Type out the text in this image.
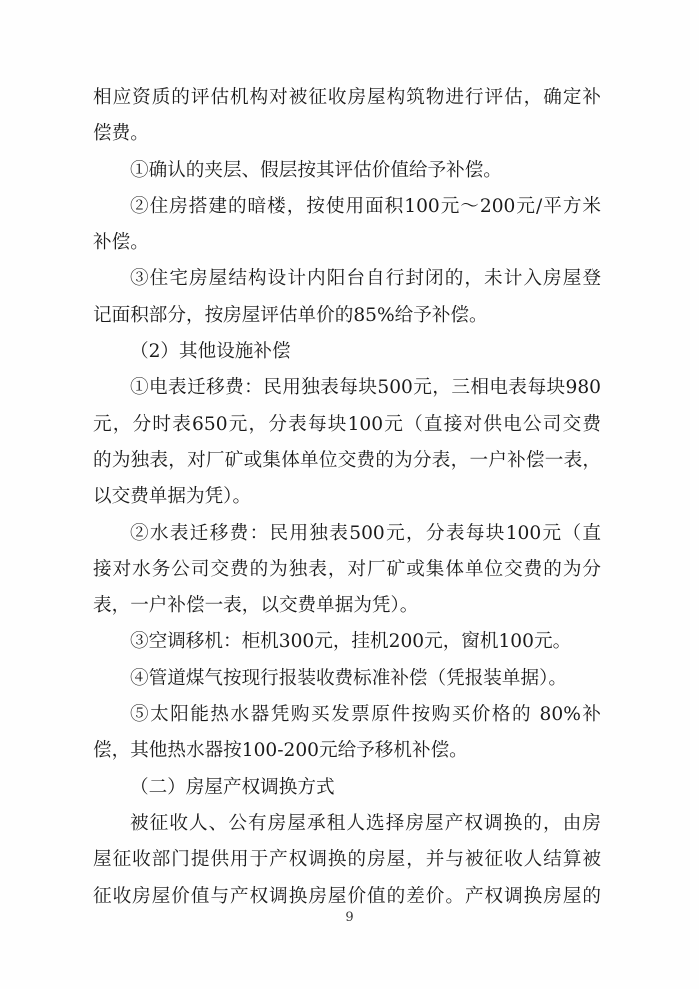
相应资质的评估机构对被征收房屋构筑物进行评估，确定补
偿费。
①确认的夹层、假层按其评估价值给予补偿。
②住房搭建的暗楼，按使用面积100元～200元/平方米
补偿。
③住宅房屋结构设计内阳台自行封闭的，未计入房屋登
记面积部分，按房屋评估单价的85%给予补偿。
（2）其他设施补偿
①电表迁移费：民用独表每块500元，三相电表每块980
元，分时表650元，分表每块100元（直接对供电公司交费
的为独表，对厂矿或集体单位交费的为分表，一户补偿一表，
以交费单据为凭）。
②水表迁移费：民用独表500元，分表每块100元（直
接对水务公司交费的为独表，对厂矿或集体单位交费的为分
表，一户补偿一表，以交费单据为凭）。
③空调移机：柜机300元，挂机200元，窗机100元。
④管道煤气按现行报装收费标准补偿（凭报装单据）。
⑤太阳能热水器凭购买发票原件按购买价格的 80%补
偿，其他热水器按100-200元给予移机补偿。
（二）房屋产权调换方式
被征收人、公有房屋承租人选择房屋产权调换的，由房
屋征收部门提供用于产权调换的房屋，并与被征收人结算被
征收房屋价值与产权调换房屋价值的差价。产权调换房屋的
9
